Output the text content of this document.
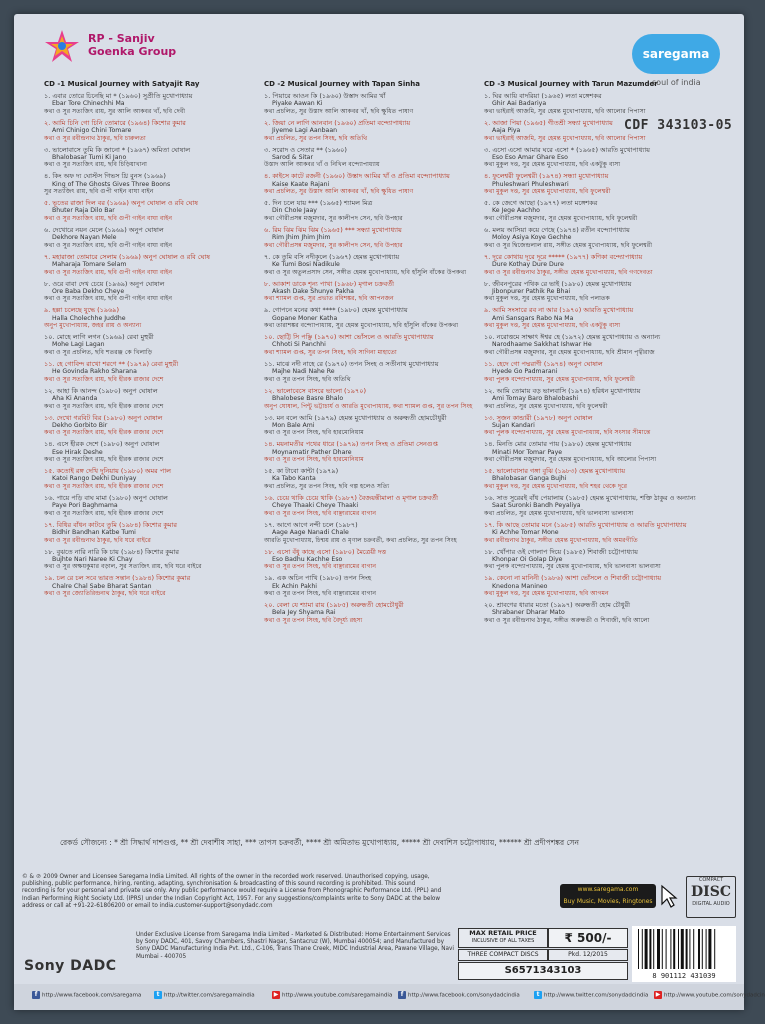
RP - Sanjiv Goenka Group	saregama
soul of india
CDF 343103-05
CD -1 Musical Journey with Satyajit Ray
১. এবার তোরে চিনেছি মা * (১৯৬০) সুপ্রীতি মুখোপাধ্যায়
Ebar Tore Chinechhi Ma
কথা ও সুর সত্যজিৎ রায়, সুর আলি আকবর খাঁ, ছবি দেবী
২. আমি চিনি গো চিনি তোমারে (১৯৬৪) কিশোর কুমার
Ami Chinigo Chini Tomare
কথা ও সুর রবীন্দ্রনাথ ঠাকুর, ছবি চারুলতা
৩. ভালোবাসে তুমি কি জানো * (১৯৬৭) অমিতা ঘোষাল
Bhalobasar Tumi Ki Jano
কথা ও সুর সত্যজিৎ রায়, ছবি চিড়িয়াখানা
৪. কিং অফ দ্য ঘোস্টস গিভস থ্রি বুনস (১৯৬৯)
King of The Ghosts Gives Three Boons
সুর সত্যজিৎ রায়, ছবি গুপী গাইন বাঘা বাইন
৫. ভূতের রাজা দিল বর (১৯৬৯) অনুপ ঘোষাল ও রবি ঘোষ
Bhuter Raja Dilo Bar
কথা ও সুর সত্যজিৎ রায়, ছবি গুপী গাইন বাঘা বাইন
৬. দেখোরে নয়ন মেলে (১৯৬৯) অনুপ ঘোষাল
Dekhore Nayan Mele
কথা ও সুর সত্যজিৎ রায়, ছবি গুপী গাইন বাঘা বাইন
৭. মহারাজা তোমারে সেলাম (১৯৬৯) অনুপ ঘোষাল ও রবি ঘোষ
Maharaja Tomare Selam
কথা ও সুর সত্যজিৎ রায়, ছবি গুপী গাইন বাঘা বাইন
৮. ওরে বাবা দেখ চেয়ে (১৯৬৯) অনুপ ঘোষাল
Ore Baba Dekho Cheye
কথা ও সুর সত্যজিৎ রায়, ছবি গুপী গাইন বাঘা বাইন
৯. হল্লা চলেছে যুদ্ধে (১৯৬৯)
Halla Cholechhe Juddhe
অনুপ মুখোপাধ্যায়, জহর রায় ও অন্যান্য
১০. মোহে লাগি লগন (১৯৬৯) রেবা মুহুরী
Mohe Lagi Lagan
কথা ও সুর প্রচলিত, ছবি শতরঞ্জ কে খিলাড়ি
১১. হে গোবিন্দ রাখো শরণে ** (১৯৭৯) রেবা মুহুরী
He Govinda Rakho Sharana
কথা ও সুর সত্যজিৎ রায়, ছবি হীরক রাজার দেশে
১২. আহা কি আনন্দ (১৯৮০) অনুপ ঘোষাল
Aha Ki Ananda
কথা ও সুর সত্যজিৎ রায়, ছবি হীরক রাজার দেশে
১৩. দেখো গরবিট বির (১৯৮০) অনুপ ঘোষাল
Dekho Gorbito Bir
কথা ও সুর সত্যজিৎ রায়, ছবি হীরক রাজার দেশে
১৪. এসে হীরক দেশে (১৯৮০) অনুপ ঘোষাল
Ese Hirak Deshe
কথা ও সুর সত্যজিৎ রায়, ছবি হীরক রাজার দেশে
১৫. কতোই রঙ্গ দেখি দুনিয়ায় (১৯৮০) অমর পাল
Katoi Rango Dekhi Duniyay
কথা ও সুর সত্যজিৎ রায়, ছবি হীরক রাজার দেশে
১৬. পায়ে পড়ি বাঘ মামা (১৯৮০) অনুপ ঘোষাল
Paye Pori Baghmama
কথা ও সুর সত্যজিৎ রায়, ছবি হীরক রাজার দেশে
১৭. বিধির বাঁধন কাটবে তুমি (১৯৮৪) কিশোর কুমার
Bidhir Bandhan Katbe Tumi
কথা ও সুর রবীন্দ্রনাথ ঠাকুর, ছবি ঘরে বাইরে
১৮. বুঝতে নারি নারি কি চায় (১৯৮৪) কিশোর কুমার
Bujhte Nari Naree Ki Chay
কথা ও সুর অক্ষয়কুমার বড়াল, সুর সত্যজিৎ রায়, ছবি ঘরে বাইরে
১৯. চল রে চল সবে ভারত সন্তান (১৯৮৪) কিশোর কুমার
Chalre Chal Sabe Bharat Santan
কথা ও সুর জ্যোতিরিন্দ্রনাথ ঠাকুর, ছবি ঘরে বাইরে
CD -2 Musical Journey with Tapan Sinha
১. পিয়ারে আওন কি (১৯৬০) উস্তাদ আমির খাঁ
Piyake Aawan Ki
কথা প্রচলিত, সুর উস্তাদ আলি আকবর খাঁ, ছবি ক্ষুধিত পাষাণ
২. জিয়া নে লাগি আনবান (১৯৬০) প্রতিমা বন্দ্যোপাধ্যায়
Jiyeme Lagi Aanbaan
কথা প্রচলিত, সুর তপন সিংহ, ছবি অতিথি
৩. সরোদ ও সেতার ** (১৯৬০)
Sarod & Sitar
উস্তাদ আলি আকবর খাঁ ও নিখিল বন্দ্যোপাধ্যায়
৪. কাইসে কাটে রজনী (১৯৬০) উস্তাদ আমির খাঁ ও প্রতিমা বন্দ্যোপাধ্যায়
Kaise Kaate Rajani
কথা প্রচলিত, সুর উস্তাদ আলি আকবর খাঁ, ছবি ক্ষুধিত পাষাণ
৫. দিন চলে যায় *** (১৯৬৫) শ্যামল মিত্র
Din Chole Jaay
কথা গৌরীপ্রসন্ন মজুমদার, সুর কালীপদ সেন, ছবি উপহার
৬. রিম ঝিম ঝিম ঝিম (১৯৬৫) *** সন্ধ্যা মুখোপাধ্যায়
Rim Jhim Jhim Jhim
কথা গৌরীপ্রসন্ন মজুমদার, সুর কালীপদ সেন, ছবি উপহার
৭. কে তুমি বসি নদীকূলে (১৯৬৭) হেমন্ত মুখোপাধ্যায়
Ke Tumi Bosi Nadikule
কথা ও সুর অতুলপ্রসাদ সেন, সঙ্গীত হেমন্ত মুখোপাধ্যায়, ছবি হাঁসুলি বাঁকের উপকথা
৮. আকাশ ডাকে শূন্য পাখা (১৯৬৮) মৃণাল চক্রবর্তী
Akash Dake Shunye Pakha
কথা শ্যামল গুপ্ত, সুর প্রভাত রবিশঙ্কর, ছবি আপনজন
৯. গোপনে মনের কথা **** (১৯৮০) হেমন্ত মুখোপাধ্যায়
Gopane Moner Katha
কথা তারাশঙ্কর বন্দ্যোপাধ্যায়, সুর হেমন্ত মুখোপাধ্যায়, ছবি হাঁসুলি বাঁকের উপকথা
১০. ছোট্টি সি পঞ্ছি (১৯৭০) আশা ভোঁসলে ও আরতি মুখোপাধ্যায়
Chhoti Si Panchhi
কথা শ্যামল গুপ্ত, সুর তপন সিংহ, ছবি সাগিনা মাহাতো
১১. মাঝে নদী নাহে রে (১৯৭০) তপন সিংহ ও সতীনাথ মুখোপাধ্যায়
Majhe Nadi Nahe Re
কথা ও সুর তপন সিংহ, ছবি অতিথি
১২. ভালোবেসে বাসরে ভালো (১৯৭০)
Bhalobese Basre Bhalo
অনুপ ঘোষাল, পিন্টু ভট্টাচার্য ও আরতি মুখোপাধ্যায়, কথা শ্যামল গুপ্ত, সুর তপন সিংহ
১৩. মন বলে আমি (১৯৭৯) হেমন্ত মুখোপাধ্যায় ও অরুন্ধতী হোমচৌধুরী
Mon Bale Ami
কথা ও সুর তপন সিংহ, ছবি হারমোনিয়াম
১৪. ময়নামতীর পথের ধারে (১৯৭৯) তপন সিংহ ও প্রতিমা সেনগুপ্ত
Moynamatir Pather Dhare
কথা ও সুর তপন সিংহ, ছবি হারমোনিয়াম
১৫. কা টাবো কান্টা (১৯৭৯)
Ka Tabo Kanta
কথা প্রচলিত, সুর তপন সিংহ, ছবি গল্প হলেও সত্যি
১৬. চেয়ে থাকি চেয়ে থাকি (১৯৮৭) বৈজয়ন্তীমালা ও মৃণাল চক্রবর্তী
Cheye Thaaki Cheye Thaaki
কথা ও সুর তপন সিংহ, ছবি বাঞ্ছারামের বাগান
১৭. আগে আগে নন্দী চলে (১৯৮৭)
Aage Aage Nanadi Chale
আরতি মুখোপাধ্যায়, চিন্ময় রায় ও মৃণাল চক্রবর্তী, কথা প্রচলিত, সুর তপন সিংহ
১৮. এসো বঁধু কাছে এসো (১৯৮০) মৈত্রেয়ী দত্ত
Eso Badhu Kachhe Eso
কথা ও সুর তপন সিংহ, ছবি বাঞ্ছারামের বাগান
১৯. এক অচিন পাখি (১৯৮০) তপন সিংহ
Ek Achin Pakhi
কথা ও সুর তপন সিংহ, ছবি বাঞ্ছারামের বাগান
২০. বেলা যে শ্যামা রায় (১৯৮৫) অরুন্ধতী হোমচৌধুরী
Bela Jey Shyama Rai
কথা ও সুর তপন সিংহ, ছবি বৈদূর্য্য রহস্য
CD -3 Musical Journey with Tarun Mazumder
১. ঘির আয়ি বাদরিয়া (১৯৬৫) লতা মঙ্গেশকর
Ghir Aai Badariya
কথা ভাইরাই আজমি, সুর হেমন্ত মুখোপাধ্যায়, ছবি আলোর পিপাসা
২. আজা পিয়া (১৯৬৫) গীতশ্রী সন্ধ্যা মুখোপাধ্যায়
Aaja Piya
কথা ভাইরাই আজমি, সুর হেমন্ত মুখোপাধ্যায়, ছবি আলোর পিপাসা
৩. এসো এসো আমার ঘরে এসো * (১৯৬৫) আরতি মুখোপাধ্যায়
Eso Eso Amar Ghare Eso
কথা মুকুল দত্ত, সুর হেমন্ত মুখোপাধ্যায়, ছবি একটুকু বাসা
৪. ফুলেশ্বরী ফুলেশ্বরী (১৯৭৪) সন্ধ্যা মুখোপাধ্যায়
Phuleshwari Phuleshwari
কথা মুকুল দত্ত, সুর হেমন্ত মুখোপাধ্যায়, ছবি ফুলেশ্বরী
৫. কে জেগে আছো (১৯৭৭) লতা মঙ্গেশকর
Ke Jege Aachho
কথা গৌরীপ্রসন্ন মজুমদার, সুর হেমন্ত মুখোপাধ্যায়, ছবি ফুলেশ্বরী
৬. মলয় আসিয়া কয়ে গেছে (১৯৭৪) রতীন বন্দ্যোপাধ্যায়
Moloy Asiya Koye Gechhe
কথা ও সুর দ্বিজেন্দ্রলাল রায়, সঙ্গীত হেমন্ত মুখোপাধ্যায়, ছবি ফুলেশ্বরী
৭. দূরে কোথায় দূরে দূরে ***** (১৯৭৭) কণিকা বন্দ্যোপাধ্যায়
Dure Kothay Dure Dure
কথা ও সুর রবীন্দ্রনাথ ঠাকুর, সঙ্গীত হেমন্ত মুখোপাধ্যায়, ছবি গণদেবতা
৮. জীবনপুরের পথিক রে ভাই (১৯৮০) হেমন্ত মুখোপাধ্যায়
Jibonpurer Pathik Re Bhai
কথা মুকুল দত্ত, সুর হেমন্ত মুখোপাধ্যায়, ছবি পলাতক
৯. আমি সংসারে রব না আর (১৯৭০) আরতি মুখোপাধ্যায়
Ami Sansgars Rabo Na Ma
কথা মুকুল দত্ত, সুর হেমন্ত মুখোপাধ্যায়, ছবি একটুকু বাসা
১০. নরোত্তমে সাক্ষাৎ ঈশ্বর হে (১৯৭২) হেমন্ত মুখোপাধ্যায় ও অন্যান্য
Narodhaame Sakkhat Ishwar He
কথা গৌরীপ্রসন্ন মজুমদার, সুর হেমন্ত মুখোপাধ্যায়, ছবি শ্রীমান পৃথ্বীরাজ
১১. হেদে গো পদ্মরাণী (১৯৭৪) অনুপ ঘোষাল
Hyede Go Padmarani
কথা পুলক বন্দ্যোপাধ্যায়, সুর হেমন্ত মুখোপাধ্যায়, ছবি ফুলেশ্বরী
১২. আমি তোমায় বড় ভালবাসি (১৯৭৪) হরিধন মুখোপাধ্যায়
Ami Tomay Baro Bhalobashi
কথা প্রচলিত, সুর হেমন্ত মুখোপাধ্যায়, ছবি ফুলেশ্বরী
১৩. সুজন কান্ডারী (১৯৭৮) অনুপ ঘোষাল
Sujan Kandari
কথা পুলক বন্দ্যোপাধ্যায়, সুর হেমন্ত মুখোপাধ্যায়, ছবি সংসার সীমান্তে
১৪. মিনতি মোর তোমার পায় (১৯৮০) হেমন্ত মুখোপাধ্যায়
Minati Mor Tomar Paye
কথা গৌরীপ্রসন্ন মজুমদার, সুর হেমন্ত মুখোপাধ্যায়, ছবি আলোর পিপাসা
১৫. ভালোবাসার গঙ্গা বুঝি (১৯৮৩) হেমন্ত মুখোপাধ্যায়
Bhalobasar Ganga Bujhi
কথা মুকুল দত্ত, সুর হেমন্ত মুখোপাধ্যায়, ছবি শহর থেকে দূরে
১৬. সাত সুরেরই বাঁধ পেয়ালায় (১৯৮৫) হেমন্ত মুখোপাধ্যায়, শক্তি ঠাকুর ও অন্যান্য
Saat Suronki Bandh Peyaliya
কথা প্রচলিত, সুর হেমন্ত মুখোপাধ্যায়, ছবি ভালবাসা ভালবাসা
১৭. কি আছে তোমার মনে (১৯৮৫) আরতি মুখোপাধ্যায় ও আরতি মুখোপাধ্যায়
Ki Achhe Tomar Mone
কথা রবীন্দ্রনাথ ঠাকুর, সঙ্গীত হেমন্ত মুখোপাধ্যায়, ছবি অমরগীতি
১৮. খোঁপার ওই গোলাপ দিয়ে (১৯৮৫) শিবাজী চট্টোপাধ্যায়
Khonpar Oi Golap Diye
কথা পুলক বন্দ্যোপাধ্যায়, সুর হেমন্ত মুখোপাধ্যায়, ছবি ভালবাসা ভালবাসা
১৯. কেনো না মানিনী (১৯৮৬) আশা ভোঁসলে ও শিবাজী চট্টোপাধ্যায়
Knedona Manineo
কথা মুকুল দত্ত, সুর হেমন্ত মুখোপাধ্যায়, ছবি আগমন
২০. শ্রাবণের ধারার মতো (১৯৯৭) অরুন্ধতী হোম চৌধুরী
Shrabaner Dharar Mato
কথা ও সুর রবীন্দ্রনাথ ঠাকুর, সঙ্গীত অরুন্ধতী ও শিবাজী, ছবি আলো
রেকর্ড সৌজন্যে : * শ্রী সিদ্ধার্থ দাশগুপ্ত, ** শ্রী দেবাশীষ সাহা, *** তাপস চক্রবর্তী, **** শ্রী অমিতাভ মুখোপাধ্যায়, ***** শ্রী দেবাশিস চট্টোপাধ্যায়, ****** শ্রী প্রদীপশঙ্কর সেন
© & ℗ 2009 Owner and Licensee Saregama India Limited. All rights of the owner in the recorded work reserved. Unauthorised copying, usage, publishing, public performance, hiring, renting, adapting, synchronisation & broadcasting of this sound recording is prohibited. This sound recording is for your personal and private use only. Any public performance would require a License from Phonographic Performance Ltd. (PPL) and Indian Performing Right Society Ltd. (IPRS) under the Indian Copyright Act, 1957. For any suggestions/complaints write to Sony DADC at the below address or call at +91-22-61806200 or email to india.customer-support@sonydadc.com
Sony DADC
Under Exclusive License from Saregama India Limited - Marketed & Distributed: Home Entertainment Services by Sony DADC, 401, Savoy Chambers, Shastri Nagar, Santacruz (W), Mumbai 400054; and Manufactured by Sony DADC Manufacturing India Pvt. Ltd., C-106, Trans Thane Creek, MIDC Industrial Area, Pawane Village, Navi Mumbai - 400705
www.saregama.com
Buy Music, Movies, Ringtones
COMPACT
DISC
DIGITAL AUDIO
MAX RETAIL PRICE
INCLUSIVE OF ALL TAXES	₹ 500/-
THREE COMPACT DISCS	Pkd. 12/2015
S6571343103	8 901112 431039
f http://www.facebook.com/saregama	t http://twitter.com/saregamaindia	▶ http://www.youtube.com/saregamaindia	f http://www.facebook.com/sonydadcindia	t http://www.twitter.com/sonydadcindia ▶ http://www.youtube.com/sonydadcin
